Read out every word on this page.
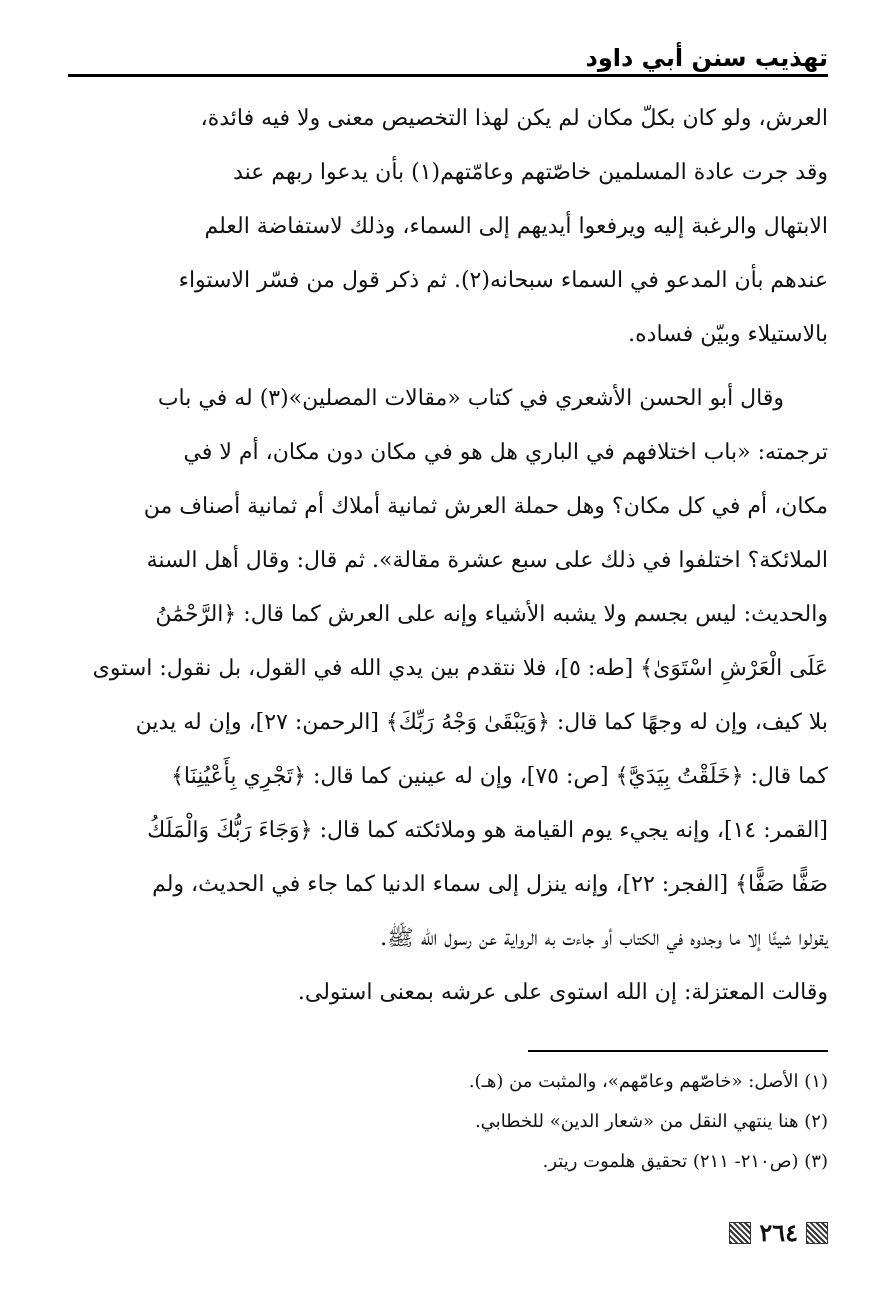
تهذيب سنن أبي داود

العرش، ولو كان بكلّ مكان لم يكن لهذا التخصيص معنى ولا فيه فائدة،

وقد جرت عادة المسلمين خاصّتهم وعامّتهم(١) بأن يدعوا ربهم عند

الابتهال والرغبة إليه ويرفعوا أيديهم إلى السماء، وذلك لاستفاضة العلم

عندهم بأن المدعو في السماء سبحانه(٢). ثم ذكر قول من فسّر الاستواء

بالاستيلاء وبيّن فساده.

وقال أبو الحسن الأشعري في كتاب «مقالات المصلين»(٣) له في باب

ترجمته: «باب اختلافهم في الباري هل هو في مكان دون مكان، أم لا في

مكان، أم في كل مكان؟ وهل حملة العرش ثمانية أملاك أم ثمانية أصناف من

الملائكة؟ اختلفوا في ذلك على سبع عشرة مقالة». ثم قال: وقال أهل السنة

والحديث: ليس بجسم ولا يشبه الأشياء وإنه على العرش كما قال: ﴿الرَّحْمَٰنُ

عَلَى الْعَرْشِ اسْتَوَىٰ﴾ [طه: ٥]، فلا نتقدم بين يدي الله في القول، بل نقول: استوى

بلا كيف، وإن له وجهًا كما قال: ﴿وَيَبْقَىٰ وَجْهُ رَبِّكَ﴾ [الرحمن: ٢٧]، وإن له يدين

كما قال: ﴿خَلَقْتُ بِيَدَيَّ﴾ [ص: ٧٥]، وإن له عينين كما قال: ﴿تَجْرِي بِأَعْيُنِنَا﴾

[القمر: ١٤]، وإنه يجيء يوم القيامة هو وملائكته كما قال: ﴿وَجَاءَ رَبُّكَ وَالْمَلَكُ

صَفًّا صَفًّا﴾ [الفجر: ٢٢]، وإنه ينزل إلى سماء الدنيا كما جاء في الحديث، ولم

يقولوا شيئًا إلا ما وجدوه في الكتاب أو جاءت به الرواية عن رسول الله ﷺ.

وقالت المعتزلة: إن الله استوى على عرشه بمعنى استولى.

(١) الأصل: «خاصّهم وعامّهم»، والمثبت من (هـ).
(٢) هنا ينتهي النقل من «شعار الدين» للخطابي.
(٣) (ص٢١٠- ٢١١) تحقيق هلموت ريتر.
٢٦٤
